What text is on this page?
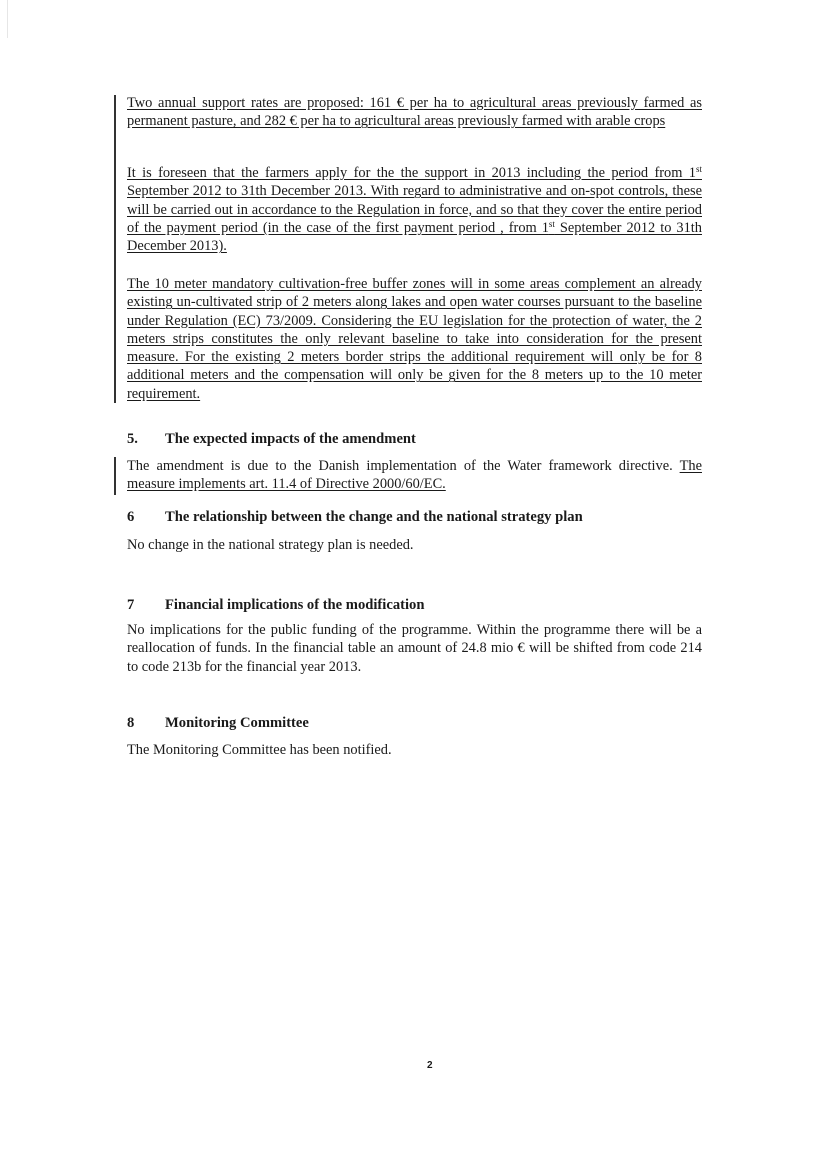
Two annual support rates are proposed: 161 € per ha to agricultural areas previously farmed as permanent pasture, and 282 € per ha to agricultural areas previously farmed with arable crops
It is foreseen that the farmers apply for the the support in 2013 including the period from 1st September 2012 to 31th December 2013. With regard to administrative and on-spot controls, these will be carried out in accordance to the Regulation in force, and so that they cover the entire period of the payment period (in the case of the first payment period , from 1st September 2012 to 31th December 2013).
The 10 meter mandatory cultivation-free buffer zones will in some areas complement an already existing un-cultivated strip of 2 meters along lakes and open water courses pursuant to the baseline under Regulation (EC) 73/2009. Considering the EU legislation for the protection of water, the 2 meters strips constitutes the only relevant baseline to take into consideration for the present measure. For the existing 2 meters border strips the additional requirement will only be for 8 additional meters and the compensation will only be given for the 8 meters up to the 10 meter requirement.
5. The expected impacts of the amendment
The amendment is due to the Danish implementation of the Water framework directive. The measure implements art. 11.4 of Directive 2000/60/EC.
6 The relationship between the change and the national strategy plan
No change in the national strategy plan is needed.
7 Financial implications of the modification
No implications for the public funding of the programme. Within the programme there will be a reallocation of funds. In the financial table an amount of 24.8 mio € will be shifted from code 214 to code 213b for the financial year 2013.
8 Monitoring Committee
The Monitoring Committee has been notified.
2
